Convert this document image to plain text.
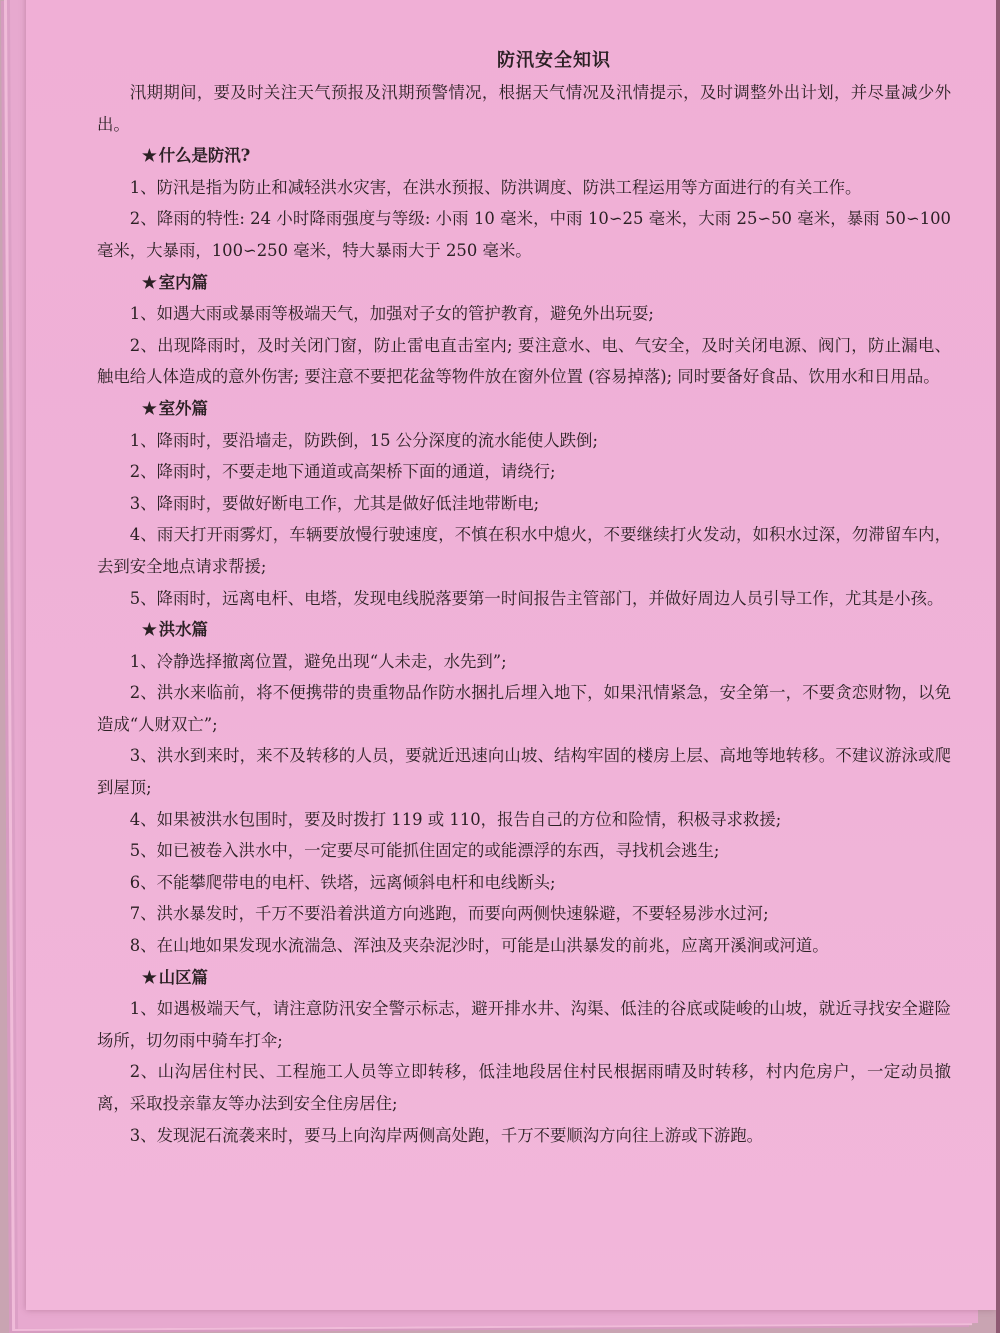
防汛安全知识

汛期期间，要及时关注天气预报及汛期预警情况，根据天气情况及汛情提示，及时调整外出计划，并尽量减少外出。

★ 什么是防汛?

1、防汛是指为防止和减轻洪水灾害，在洪水预报、防洪调度、防洪工程运用等方面进行的有关工作。

2、降雨的特性: 24 小时降雨强度与等级: 小雨 10 毫米，中雨 10∽25 毫米，大雨 25∽50 毫米，暴雨 50∽100 毫米，大暴雨，100∽250 毫米，特大暴雨大于 250 毫米。

★ 室内篇

1、如遇大雨或暴雨等极端天气，加强对子女的管护教育，避免外出玩耍;

2、出现降雨时，及时关闭门窗，防止雷电直击室内; 要注意水、电、气安全，及时关闭电源、阀门，防止漏电、触电给人体造成的意外伤害; 要注意不要把花盆等物件放在窗外位置 (容易掉落); 同时要备好食品、饮用水和日用品。

★ 室外篇

1、降雨时，要沿墙走，防跌倒，15 公分深度的流水能使人跌倒;

2、降雨时，不要走地下通道或高架桥下面的通道，请绕行;

3、降雨时，要做好断电工作，尤其是做好低洼地带断电;

4、雨天打开雨雾灯，车辆要放慢行驶速度，不慎在积水中熄火，不要继续打火发动，如积水过深，勿滞留车内，去到安全地点请求帮援;

5、降雨时，远离电杆、电塔，发现电线脱落要第一时间报告主管部门，并做好周边人员引导工作，尤其是小孩。

★ 洪水篇

1、冷静选择撤离位置，避免出现“人未走，水先到”;

2、洪水来临前，将不便携带的贵重物品作防水捆扎后埋入地下，如果汛情紧急，安全第一，不要贪恋财物，以免造成“人财双亡”;

3、洪水到来时，来不及转移的人员，要就近迅速向山坡、结构牢固的楼房上层、高地等地转移。不建议游泳或爬到屋顶;

4、如果被洪水包围时，要及时拨打 119 或 110，报告自己的方位和险情，积极寻求救援;

5、如已被卷入洪水中，一定要尽可能抓住固定的或能漂浮的东西，寻找机会逃生;

6、不能攀爬带电的电杆、铁塔，远离倾斜电杆和电线断头;

7、洪水暴发时，千万不要沿着洪道方向逃跑，而要向两侧快速躲避，不要轻易涉水过河;

8、在山地如果发现水流湍急、浑浊及夹杂泥沙时，可能是山洪暴发的前兆，应离开溪涧或河道。

★ 山区篇

1、如遇极端天气，请注意防汛安全警示标志，避开排水井、沟渠、低洼的谷底或陡峻的山坡，就近寻找安全避险场所，切勿雨中骑车打伞;

2、山沟居住村民、工程施工人员等立即转移，低洼地段居住村民根据雨晴及时转移，村内危房户，一定动员撤离，采取投亲靠友等办法到安全住房居住;

3、发现泥石流袭来时，要马上向沟岸两侧高处跑，千万不要顺沟方向往上游或下游跑。
